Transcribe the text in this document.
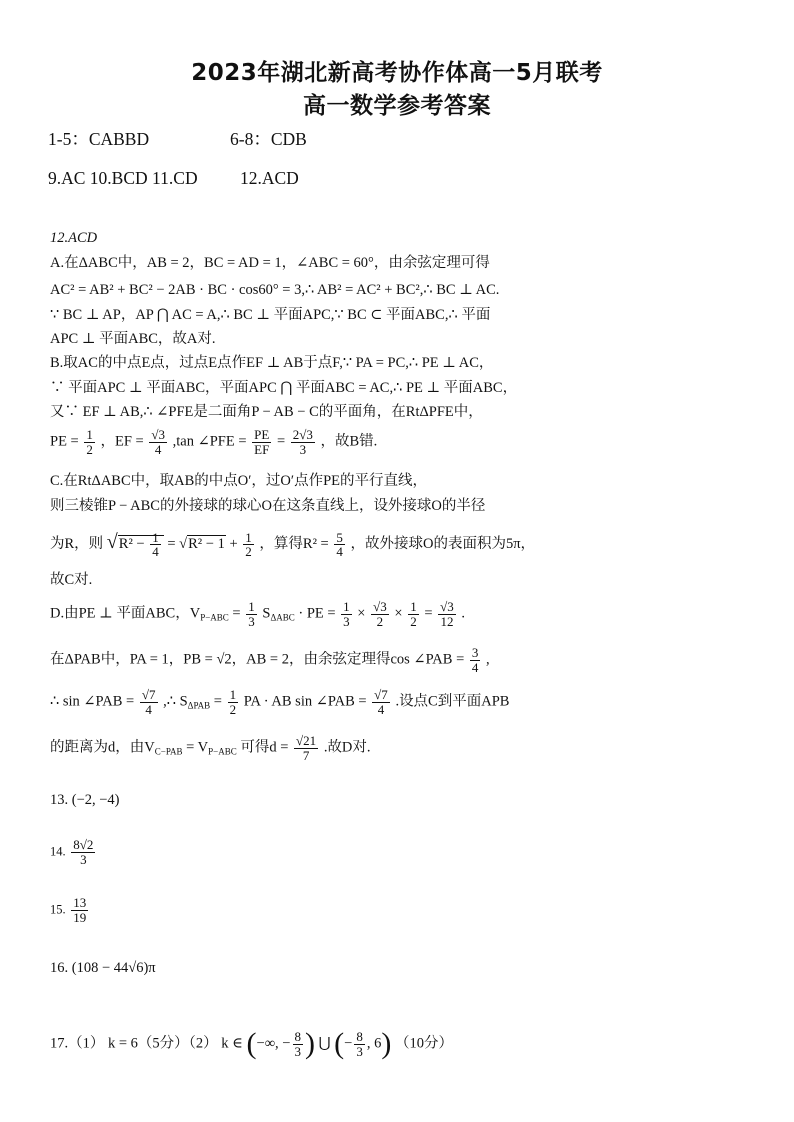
2023年湖北新高考协作体高一5月联考
高一数学参考答案
1-5：CABBD	6-8：CDB
9.AC 10.BCD 11.CD 12.ACD
12.ACD
A.在ΔABC中，AB = 2，BC = AD = 1，∠ABC = 60°，由余弦定理可得
AC² = AB² + BC² − 2AB · BC · cos60° = 3,∴ AB² = AC² + BC²,∴ BC ⊥ AC.
∵ BC ⊥ AP，AP ⋂ AC = A,∴ BC ⊥ 平面APC,∵ BC ⊂ 平面ABC,∴ 平面
APC ⊥ 平面ABC，故A对.
B.取AC的中点E点，过点E点作EF ⊥ AB于点F,∵ PA = PC,∴ PE ⊥ AC，
∵ 平面APC ⊥ 平面ABC，平面APC ⋂ 平面ABC = AC,∴ PE ⊥ 平面ABC，
又∵ EF ⊥ AB,∴ ∠PFE是二面角P − AB − C的平面角，在RtΔPFE中，
PE = $\frac{1}{2}$ ，EF = $\frac{√3}{4} ,\tan$ ∠PFE = $\frac{PE}{EF} = \frac{2√3}{3}$ ，故B错.
C.在RtΔABC中，取AB的中点O′，过O′点作PE的平行直线，
则三棱锥P − ABC的外接球的球心O在这条直线上，设外接球O的半径
为R，则 $√R^2 - \frac{1}{4} = √R^2 - 1 + \frac{1}{2}$ ，算得$R^2 = \frac{5}{4}$ ，故外接球O的表面积为5π，
故C对.
D.由PE ⊥ 平面ABC，$V_{P-ABC} = \frac{1}{3} S_{\Delta ABC}$ · PE = $\frac{1}{3} \times \frac{√3}{2} \times \frac{1}{2} = \frac{√3}{12}$ .
在ΔPAB中，PA = 1，PB = √2，AB = 2，由余弦定理得cos ∠PAB = $\frac{3}{4}$ ,
∴ sin ∠PAB = $\frac{√7}{4}$ ,∴ $S_{\Delta PAB} = \frac{1}{2}$ PA · AB sin ∠PAB = $\frac{√7}{4}$ .设点C到平面APB
的距离为d，由$V_{C-PAB} = V_{P-ABC}$ 可得$d = \frac{√21}{7}$ .故D对.
13. (−2, −4)
14. $\frac{8√2}{3}$
15. $\frac{13}{19}$
16. (108 − 44√6)π
17.（1） k = 6（5分）（2） k ∈ (−∞, − $\frac{8}{3}$ ) ⋃ (− $\frac{8}{3}$ , 6) （10分）
